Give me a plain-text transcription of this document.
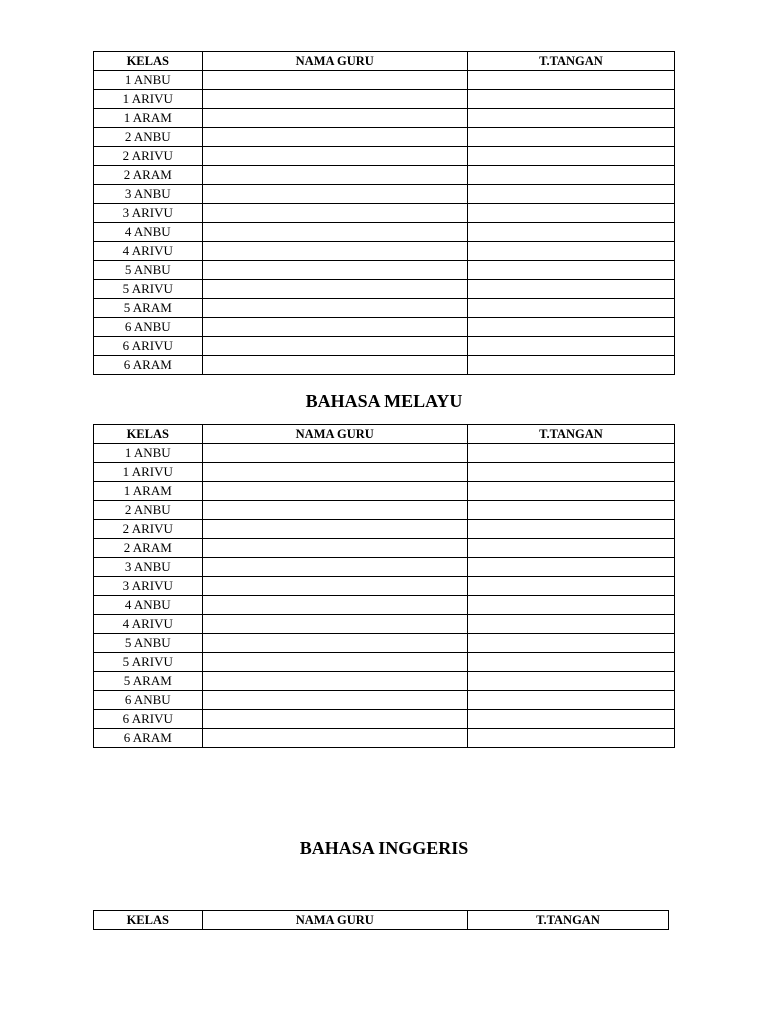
KELAS	NAMA GURU	T.TANGAN
1 ANBU		
1 ARIVU		
1 ARAM		
2 ANBU		
2 ARIVU		
2 ARAM		
3 ANBU		
3 ARIVU		
4 ANBU		
4 ARIVU		
5 ANBU		
5 ARIVU		
5 ARAM		
6 ANBU		
6 ARIVU		
6 ARAM		
BAHASA MELAYU
KELAS	NAMA GURU	T.TANGAN
1 ANBU		
1 ARIVU		
1 ARAM		
2 ANBU		
2 ARIVU		
2 ARAM		
3 ANBU		
3 ARIVU		
4 ANBU		
4 ARIVU		
5 ANBU		
5 ARIVU		
5 ARAM		
6 ANBU		
6 ARIVU		
6 ARAM		
BAHASA INGGERIS
KELAS	NAMA GURU	T.TANGAN
